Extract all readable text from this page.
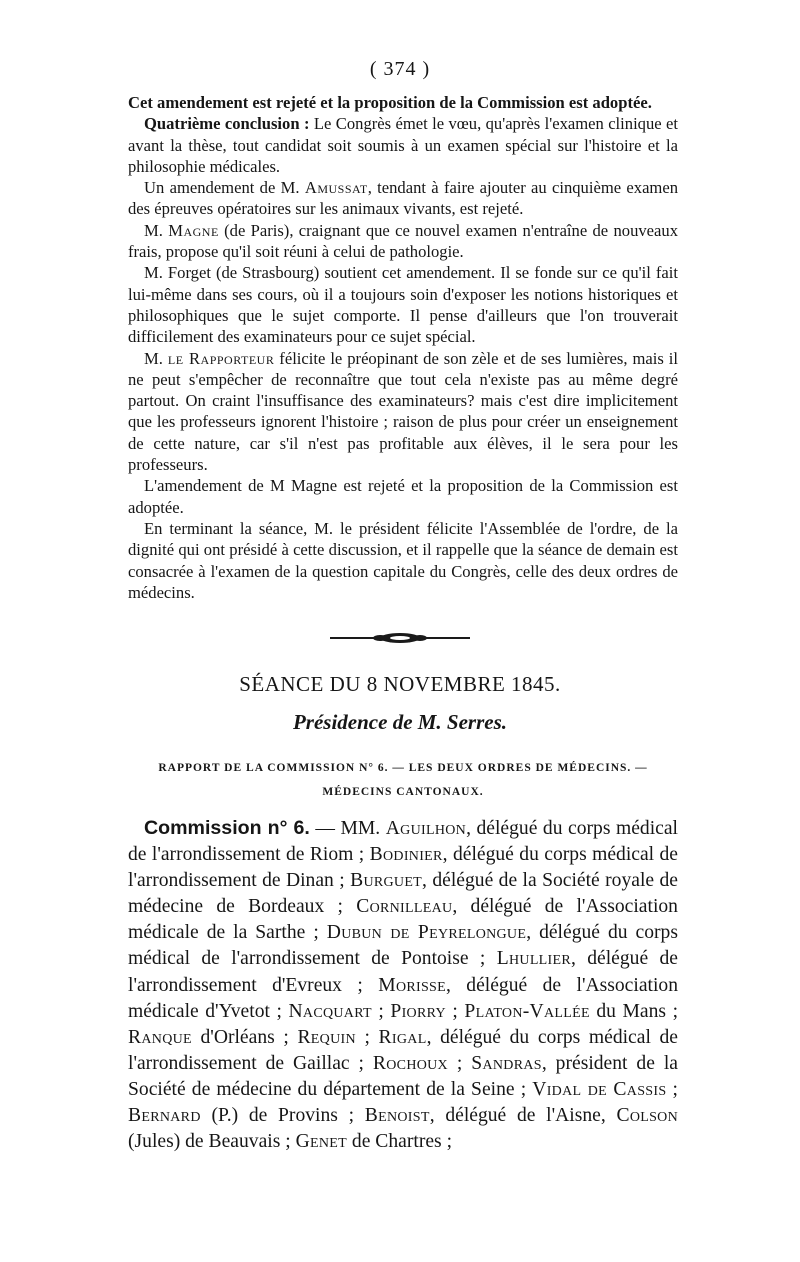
( 374 )

Cet amendement est rejeté et la proposition de la Commission est adoptée.

Quatrième conclusion : Le Congrès émet le vœu, qu'après l'examen clinique et avant la thèse, tout candidat soit soumis à un examen spécial sur l'histoire et la philosophie médicales.

Un amendement de M. Amussat, tendant à faire ajouter au cinquième examen des épreuves opératoires sur les animaux vivants, est rejeté.

M. Magne (de Paris), craignant que ce nouvel examen n'entraîne de nouveaux frais, propose qu'il soit réuni à celui de pathologie.

M. Forget (de Strasbourg) soutient cet amendement. Il se fonde sur ce qu'il fait lui-même dans ses cours, où il a toujours soin d'exposer les notions historiques et philosophiques que le sujet comporte. Il pense d'ailleurs que l'on trouverait difficilement des examinateurs pour ce sujet spécial.

M. le Rapporteur félicite le préopinant de son zèle et de ses lumières, mais il ne peut s'empêcher de reconnaître que tout cela n'existe pas au même degré partout. On craint l'insuffisance des examinateurs? mais c'est dire implicitement que les professeurs ignorent l'histoire ; raison de plus pour créer un enseignement de cette nature, car s'il n'est pas profitable aux élèves, il le sera pour les professeurs.

L'amendement de M Magne est rejeté et la proposition de la Commission est adoptée.

En terminant la séance, M. le président félicite l'Assemblée de l'ordre, de la dignité qui ont présidé à cette discussion, et il rappelle que la séance de demain est consacrée à l'examen de la question capitale du Congrès, celle des deux ordres de médecins.

SÉANCE DU 8 NOVEMBRE 1845.
Présidence de M. Serres.
RAPPORT DE LA COMMISSION N° 6. — LES DEUX ORDRES DE MÉDECINS. —
MÉDECINS CANTONAUX.

Commission n° 6. — MM. Aguilhon, délégué du corps médical de l'arrondissement de Riom ; Bodinier, délégué du corps médical de l'arrondissement de Dinan ; Burguet, délégué de la Société royale de médecine de Bordeaux ; Cornilleau, délégué de l'Association médicale de la Sarthe ; Dubun de Peyrelongue, délégué du corps médical de l'arrondissement de Pontoise ; Lhullier, délégué de l'arrondissement d'Evreux ; Morisse, délégué de l'Association médicale d'Yvetot ; Nacquart ; Piorry ; Platon-Vallée du Mans ; Ranque d'Orléans ; Requin ; Rigal, délégué du corps médical de l'arrondissement de Gaillac ; Rochoux ; Sandras, président de la Société de médecine du département de la Seine ; Vidal de Cassis ; Bernard (P.) de Provins ; Benoist, délégué de l'Aisne, Colson (Jules) de Beauvais ; Genet de Chartres ;
